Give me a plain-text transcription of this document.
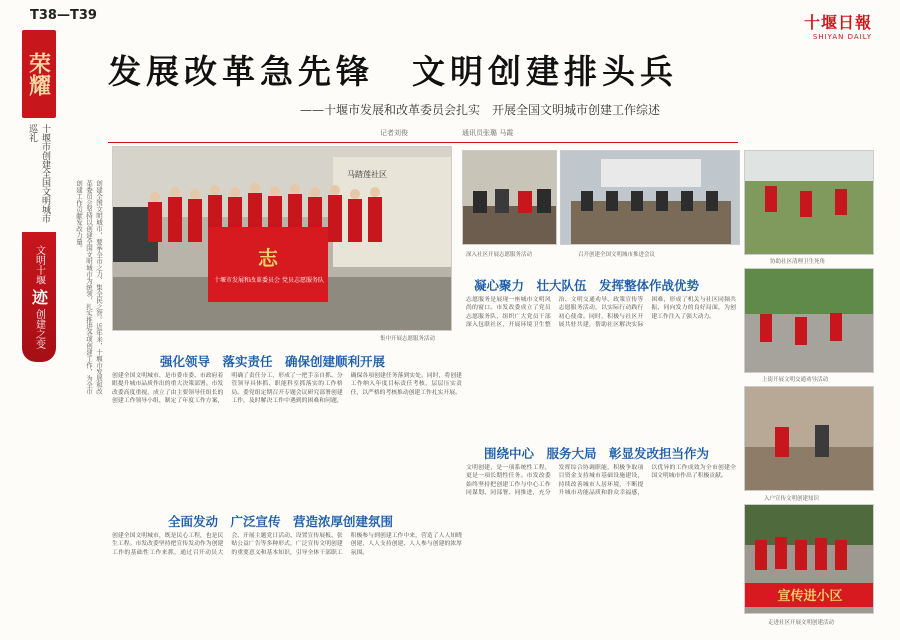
T38—T39	十堰日報
SHIYAN DAILY
荣耀
十堰市创建全国文明城市巡礼
文明十堰
迹
创建之变	创建全国文明城市，要举全市之力、集全民之智。近年来，十堰市发展和改革委员会坚持以创建全国文明城市为统领，扎实推进各项创建工作，为全市创建工作贡献发改力量。
发展改革急先锋　文明创建排头兵
——十堰市发展和改革委员会扎实　开展全国文明城市创建工作综述
记者刘俊	通讯员张璐 马霞
志
十堰市发展和改革委员会 党员志愿服务队
马踏莲社区
集中开展志愿服务活动
深入社区开展志愿服务活动	召开创建全国文明城市推进会议
协助社区清理卫生死角
上街开展文明交通劝导活动
入户宣传文明创建知识
宣传进小区
走进社区开展文明创建活动
强化领导　落实责任　确保创建顺利开展
创建全国文明城市，是市委市委、市政府着眼提升城市品质作出的重大决策部署。市发改委高度重视，成立了由主要领导任组长的创建工作领导小组，制定了年度工作方案，明确了责任分工，形成了一把手亲自抓、分管领导具体抓、职能科室抓落实的工作格局。委党组定期召开专题会议研究部署创建工作，及时解决工作中遇到的困难和问题，确保各项创建任务落到实处。同时，将创建工作纳入年度目标责任考核，层层压实责任，以严格的考核推动创建工作扎实开展。
全面发动　广泛宣传　营造浓厚创建氛围
创建全国文明城市，既是民心工程，也是民生工程。市发改委坚持把宣传发动作为创建工作的基础性工作来抓，通过召开动员大会、开展主题党日活动、设置宣传展板、张贴公益广告等多种形式，广泛宣传文明创建的重要意义和基本知识，引导全体干部职工积极参与到创建工作中来，营造了人人知晓创建、人人支持创建、人人参与创建的浓厚氛围。
凝心聚力　壮大队伍　发挥整体作战优势
志愿服务是展现一座城市文明风尚的窗口。市发改委成立了党员志愿服务队，组织广大党员干部深入包联社区，开展环境卫生整治、文明交通劝导、政策宣传等志愿服务活动，以实际行动践行初心使命。同时，积极与社区开展共驻共建，帮助社区解决实际困难，形成了机关与社区同频共振、同向发力的良好局面，为创建工作注入了强大动力。
围绕中心　服务大局　彰显发改担当作为
文明创建，是一项系统性工程，更是一项长期性任务。市发改委始终坚持把创建工作与中心工作同谋划、同部署、同推进，充分发挥综合协调职能，积极争取项目资金支持城市基础设施建设，持续改善城市人居环境，不断提升城市功能品质和群众幸福感，以优异的工作成效为全市创建全国文明城市作出了积极贡献。
